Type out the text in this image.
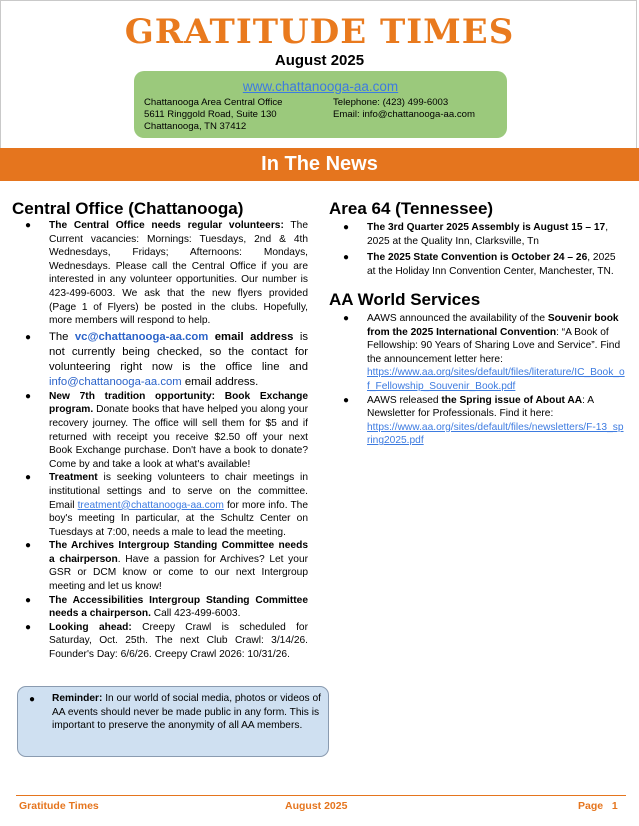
GRATITUDE TIMES
August 2025
www.chattanooga-aa.com
Chattanooga Area Central Office
5611 Ringgold Road, Suite 130
Chattanooga, TN 37412
Telephone: (423) 499-6003
Email: info@chattanooga-aa.com
In The News
Central Office (Chattanooga)
● The Central Office needs regular volunteers: The Current vacancies: Mornings: Tuesdays, 2nd & 4th Wednesdays, Fridays; Afternoons: Mondays, Wednesdays. Please call the Central Office if you are interested in any volunteer opportunities. Our number is 423-499-6003. We ask that the new flyers provided (Page 1 of Flyers) be posted in the clubs. Hopefully, more members will respond to help.
● The vc@chattanooga-aa.com email address is not currently being checked, so the contact for volunteering right now is the office line and info@chattanooga-aa.com email address.
● New 7th tradition opportunity: Book Exchange program. Donate books that have helped you along your recovery journey. The office will sell them for $5 and if returned with receipt you receive $2.50 off your next Book Exchange purchase. Don't have a book to donate? Come by and take a look at what's available!
● Treatment is seeking volunteers to chair meetings in institutional settings and to serve on the committee. Email treatment@chattanooga-aa.com for more info. The boy's meeting In particular, at the Schultz Center on Tuesdays at 7:00, needs a male to lead the meeting.
● The Archives Intergroup Standing Committee needs a chairperson. Have a passion for Archives? Let your GSR or DCM know or come to our next Intergroup meeting and let us know!
● The Accessibilities Intergroup Standing Committee needs a chairperson. Call 423-499-6003.
● Looking ahead: Creepy Crawl is scheduled for Saturday, Oct. 25th. The next Club Crawl: 3/14/26. Founder's Day: 6/6/26. Creepy Crawl 2026: 10/31/26.
● Reminder: In our world of social media, photos or videos of AA events should never be made public in any form. This is important to preserve the anonymity of all AA members.
Area 64 (Tennessee)
● The 3rd Quarter 2025 Assembly is August 15 – 17, 2025 at the Quality Inn, Clarksville, Tn
● The 2025 State Convention is October 24 – 26, 2025 at the Holiday Inn Convention Center, Manchester, TN.
AA World Services
● AAWS announced the availability of the Souvenir book from the 2025 International Convention: “A Book of Fellowship: 90 Years of Sharing Love and Service”. Find the announcement letter here:
https://www.aa.org/sites/default/files/literature/IC_Book_of_Fellowship_Souvenir_Book.pdf
● AAWS released the Spring issue of About AA: A Newsletter for Professionals. Find it here:
https://www.aa.org/sites/default/files/newsletters/F-13_spring2025.pdf
Gratitude Times	August 2025	Page   1
